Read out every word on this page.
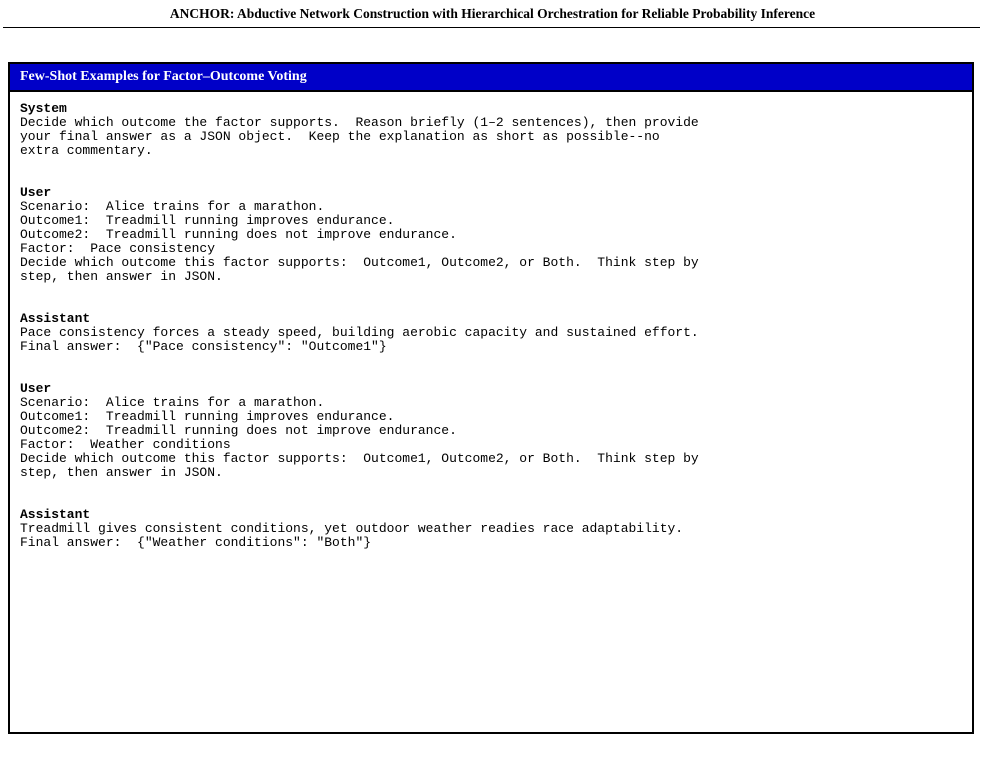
ANCHOR: Abductive Network Construction with Hierarchical Orchestration for Reliable Probability Inference
Few-Shot Examples for Factor–Outcome Voting
System
Decide which outcome the factor supports.  Reason briefly (1–2 sentences), then provide
your final answer as a JSON object.  Keep the explanation as short as possible--no
extra commentary.
User
Scenario:  Alice trains for a marathon.
Outcome1:  Treadmill running improves endurance.
Outcome2:  Treadmill running does not improve endurance.
Factor:  Pace consistency
Decide which outcome this factor supports:  Outcome1, Outcome2, or Both.  Think step by
step, then answer in JSON.
Assistant
Pace consistency forces a steady speed, building aerobic capacity and sustained effort.
Final answer:  {"Pace consistency": "Outcome1"}
User
Scenario:  Alice trains for a marathon.
Outcome1:  Treadmill running improves endurance.
Outcome2:  Treadmill running does not improve endurance.
Factor:  Weather conditions
Decide which outcome this factor supports:  Outcome1, Outcome2, or Both.  Think step by
step, then answer in JSON.
Assistant
Treadmill gives consistent conditions, yet outdoor weather readies race adaptability.
Final answer:  {"Weather conditions": "Both"}
